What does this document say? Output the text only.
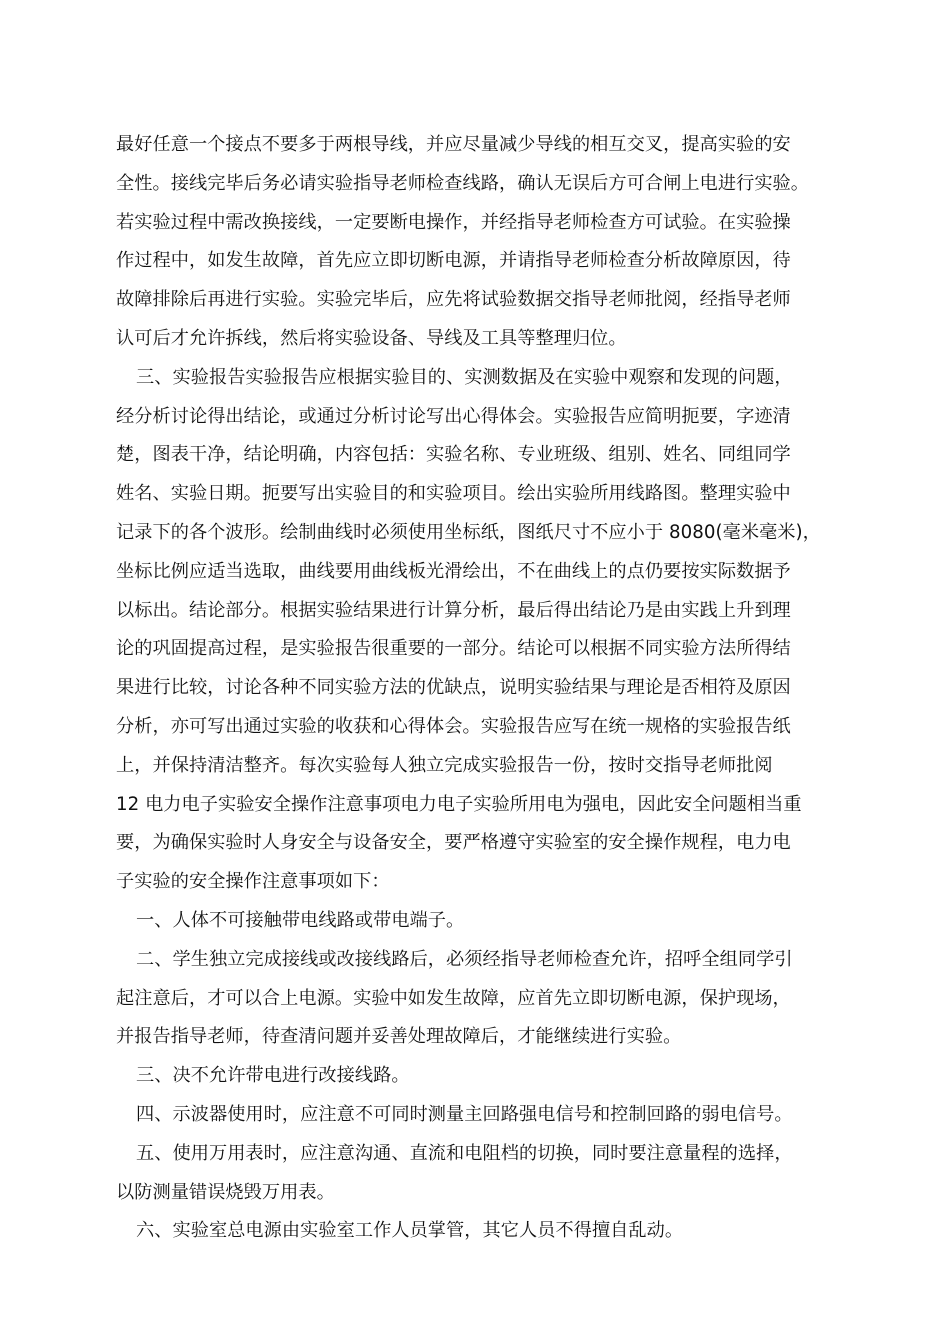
最好任意一个接点不要多于两根导线，并应尽量减少导线的相互交叉，提高实验的安
全性。接线完毕后务必请实验指导老师检查线路，确认无误后方可合闸上电进行实验。
若实验过程中需改换接线，一定要断电操作，并经指导老师检查方可试验。在实验操
作过程中，如发生故障，首先应立即切断电源，并请指导老师检查分析故障原因，待
故障排除后再进行实验。实验完毕后，应先将试验数据交指导老师批阅，经指导老师
认可后才允许拆线，然后将实验设备、导线及工具等整理归位。
三、实验报告实验报告应根据实验目的、实测数据及在实验中观察和发现的问题，
经分析讨论得出结论，或通过分析讨论写出心得体会。实验报告应简明扼要，字迹清
楚，图表干净，结论明确，内容包括：实验名称、专业班级、组别、姓名、同组同学
姓名、实验日期。扼要写出实验目的和实验项目。绘出实验所用线路图。整理实验中
记录下的各个波形。绘制曲线时必须使用坐标纸，图纸尺寸不应小于 8080(毫米毫米)，
坐标比例应适当选取，曲线要用曲线板光滑绘出，不在曲线上的点仍要按实际数据予
以标出。结论部分。根据实验结果进行计算分析，最后得出结论乃是由实践上升到理
论的巩固提高过程，是实验报告很重要的一部分。结论可以根据不同实验方法所得结
果进行比较，讨论各种不同实验方法的优缺点，说明实验结果与理论是否相符及原因
分析，亦可写出通过实验的收获和心得体会。实验报告应写在统一规格的实验报告纸
上，并保持清洁整齐。每次实验每人独立完成实验报告一份，按时交指导老师批阅
12 电力电子实验安全操作注意事项电力电子实验所用电为强电，因此安全问题相当重
要，为确保实验时人身安全与设备安全，要严格遵守实验室的安全操作规程，电力电
子实验的安全操作注意事项如下：
一、人体不可接触带电线路或带电端子。
二、学生独立完成接线或改接线路后，必须经指导老师检查允许，招呼全组同学引
起注意后，才可以合上电源。实验中如发生故障，应首先立即切断电源，保护现场，
并报告指导老师，待查清问题并妥善处理故障后，才能继续进行实验。
三、决不允许带电进行改接线路。
四、示波器使用时，应注意不可同时测量主回路强电信号和控制回路的弱电信号。
五、使用万用表时，应注意沟通、直流和电阻档的切换，同时要注意量程的选择，
以防测量错误烧毁万用表。
六、实验室总电源由实验室工作人员掌管，其它人员不得擅自乱动。
